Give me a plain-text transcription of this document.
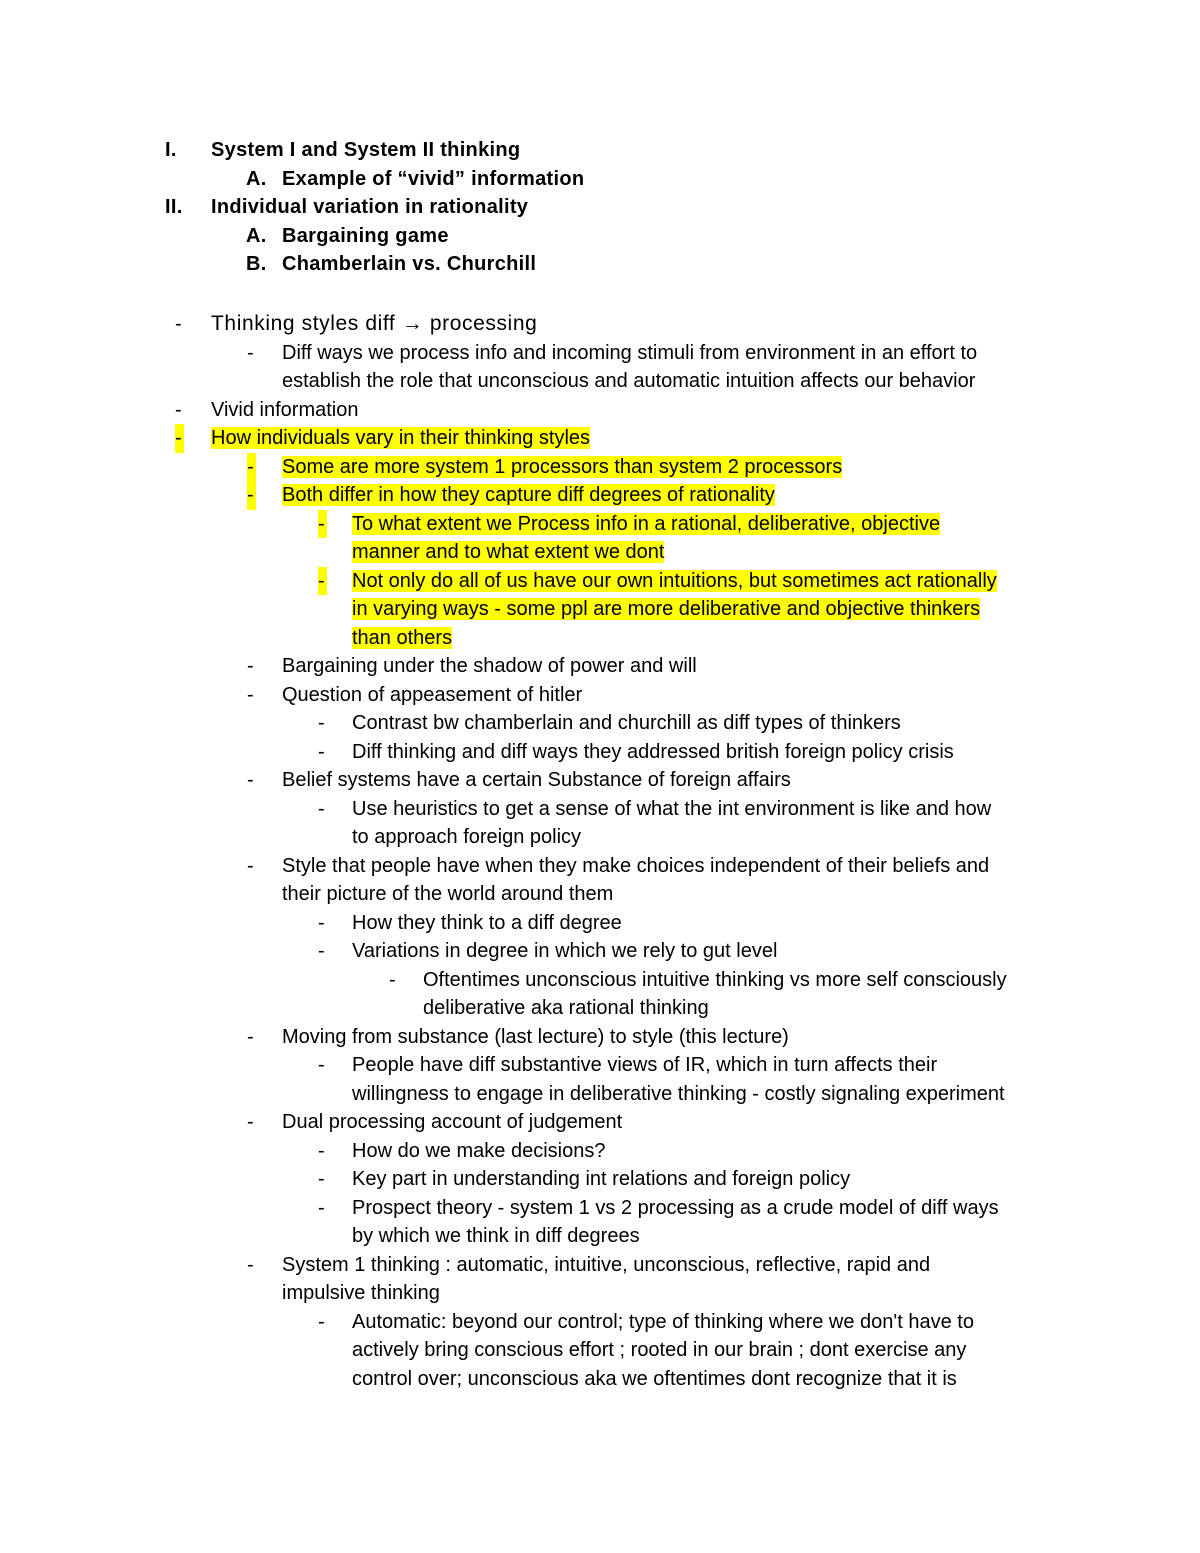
I. System I and System II thinking
A. Example of “vivid” information
II. Individual variation in rationality
A. Bargaining game
B. Chamberlain vs. Churchill
- Thinking styles diff → processing
- Diff ways we process info and incoming stimuli from environment in an effort to
establish the role that unconscious and automatic intuition affects our behavior
- Vivid information
- How individuals vary in their thinking styles
- Some are more system 1 processors than system 2 processors
- Both differ in how they capture diff degrees of rationality
- To what extent we Process info in a rational, deliberative, objective
manner and to what extent we dont
- Not only do all of us have our own intuitions, but sometimes act rationally
in varying ways - some ppl are more deliberative and objective thinkers
than others
- Bargaining under the shadow of power and will
- Question of appeasement of hitler
- Contrast bw chamberlain and churchill as diff types of thinkers
- Diff thinking and diff ways they addressed british foreign policy crisis
- Belief systems have a certain Substance of foreign affairs
- Use heuristics to get a sense of what the int environment is like and how
to approach foreign policy
- Style that people have when they make choices independent of their beliefs and
their picture of the world around them
- How they think to a diff degree
- Variations in degree in which we rely to gut level
- Oftentimes unconscious intuitive thinking vs more self consciously
deliberative aka rational thinking
- Moving from substance (last lecture) to style (this lecture)
- People have diff substantive views of IR, which in turn affects their
willingness to engage in deliberative thinking - costly signaling experiment
- Dual processing account of judgement
- How do we make decisions?
- Key part in understanding int relations and foreign policy
- Prospect theory - system 1 vs 2 processing as a crude model of diff ways
by which we think in diff degrees
- System 1 thinking : automatic, intuitive, unconscious, reflective, rapid and
impulsive thinking
- Automatic: beyond our control; type of thinking where we don't have to
actively bring conscious effort ; rooted in our brain ; dont exercise any
control over; unconscious aka we oftentimes dont recognize that it is
